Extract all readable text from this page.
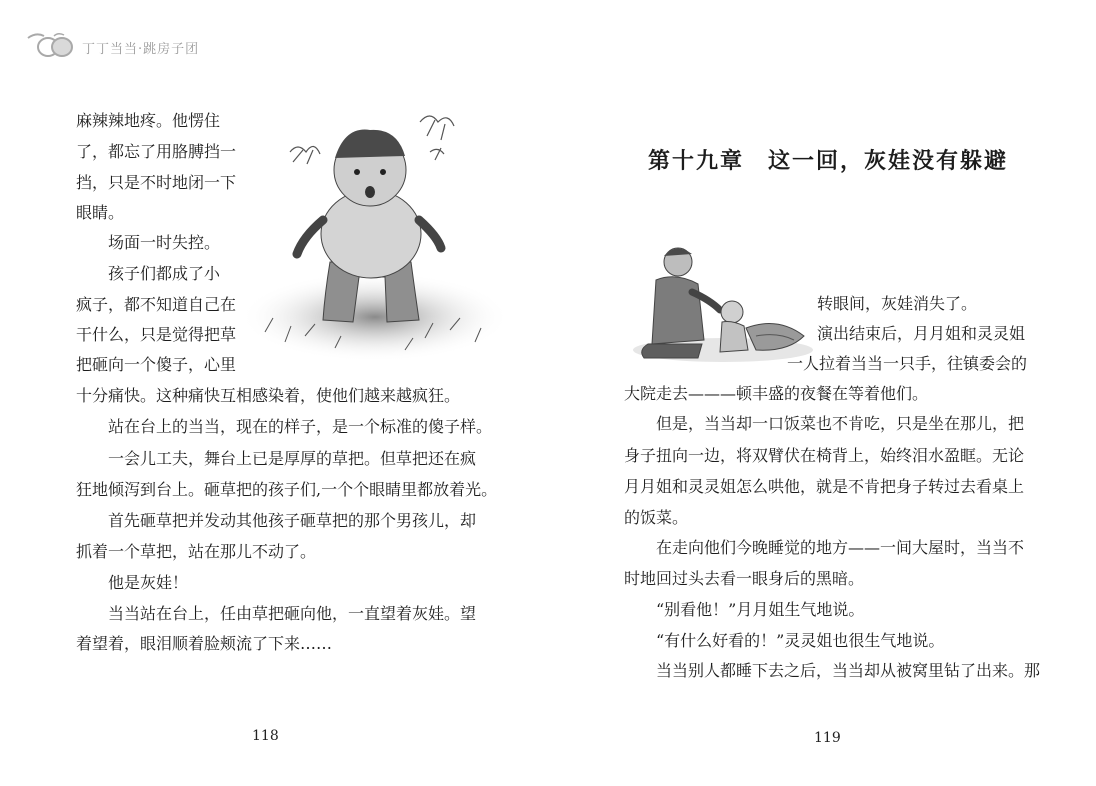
丁丁当当·跳房子团
麻辣辣地疼。他愣住
了，都忘了用胳膊挡一
挡，只是不时地闭一下
眼睛。
场面一时失控。
孩子们都成了小
疯子，都不知道自己在
干什么，只是觉得把草
把砸向一个傻子，心里
十分痛快。这种痛快互相感染着，使他们越来越疯狂。
站在台上的当当，现在的样子，是一个标准的傻子样。
一会儿工夫，舞台上已是厚厚的草把。但草把还在疯
狂地倾泻到台上。砸草把的孩子们,一个个眼睛里都放着光。
首先砸草把并发动其他孩子砸草把的那个男孩儿，却
抓着一个草把，站在那儿不动了。
他是灰娃！
当当站在台上，任由草把砸向他，一直望着灰娃。望
着望着，眼泪顺着脸颊流了下来……
118
第十九章　这一回，灰娃没有躲避
转眼间，灰娃消失了。
演出结束后，月月姐和灵灵姐
一人拉着当当一只手，往镇委会的
大院走去———顿丰盛的夜餐在等着他们。
但是，当当却一口饭菜也不肯吃，只是坐在那儿，把
身子扭向一边，将双臂伏在椅背上，始终泪水盈眶。无论
月月姐和灵灵姐怎么哄他，就是不肯把身子转过去看桌上
的饭菜。
在走向他们今晚睡觉的地方——一间大屋时，当当不
时地回过头去看一眼身后的黑暗。
“别看他！”月月姐生气地说。
“有什么好看的！”灵灵姐也很生气地说。
当当别人都睡下去之后，当当却从被窝里钻了出来。那
119
